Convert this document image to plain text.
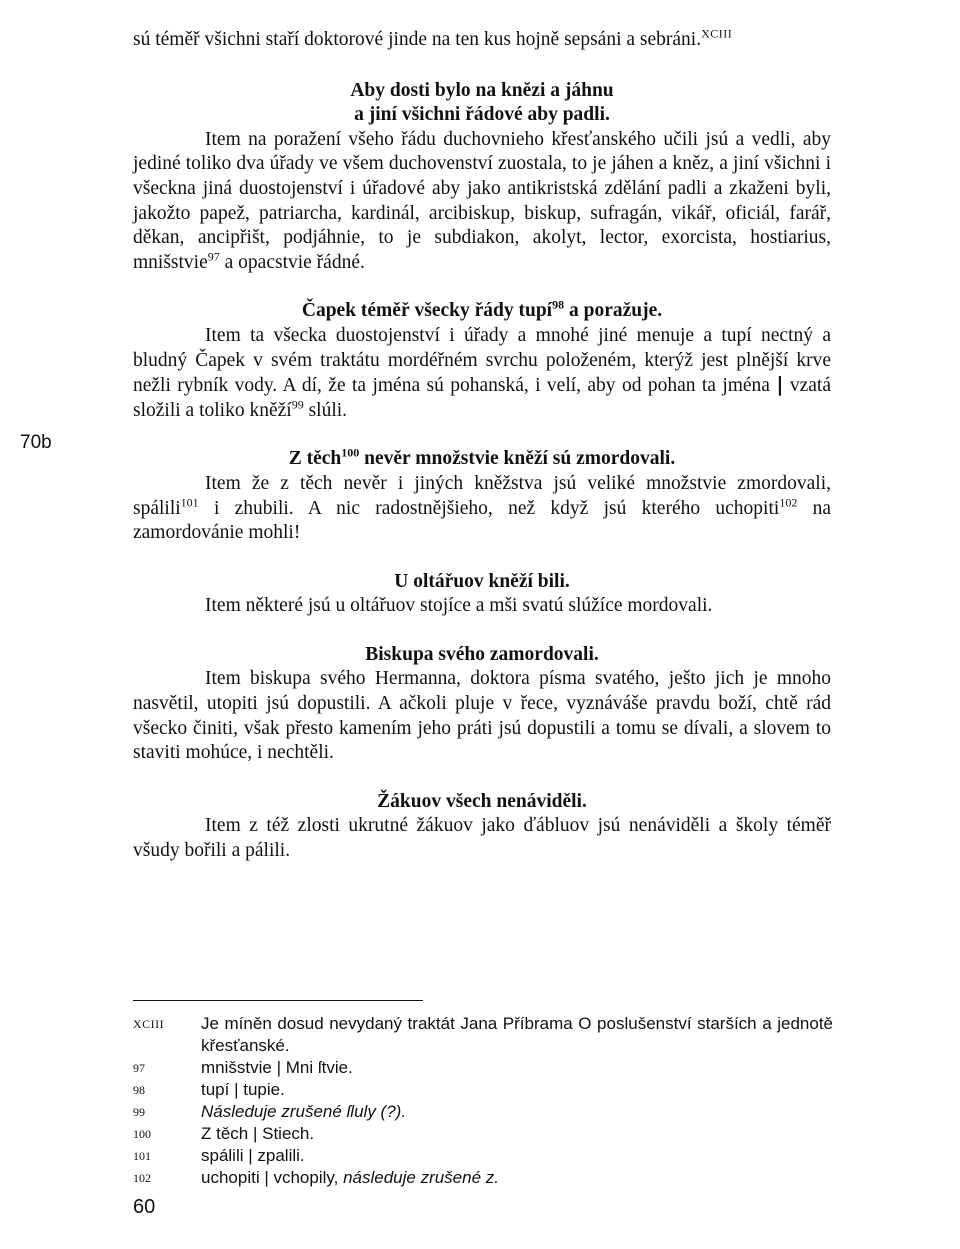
sú téměř všichni staří doktorové jinde na ten kus hojně sepsáni a sebráni.$^{XCIII}$

Aby dosti bylo na knězi a jáhnu
a jiní všichni řádové aby padli.

Item na poražení všeho řádu duchovnieho křesťanského učili jsú a vedli, aby jediné toliko dva úřady ve všem duchovenství zuostala, to je jáhen a kněz, a jiní všichni i všeckna jiná duostojenství i úřadové aby jako antikristská zdělání padli a zkaženi byli, jakožto papež, patriarcha, kardinál, arcibiskup, biskup, sufragán, vikář, oficiál, farář, děkan, ancipřišt, podjáhnie, to je subdiakon, akolyt, lector, exorcista, hostiarius, mnišstvie$^{97}$ a opacstvie řádné.

Čapek téměř všecky řády tupí$^{98}$ a poražuje.

Item ta všecka duostojenství i úřady a mnohé jiné menuje a tupí nectný a bludný Čapek v svém traktátu mordéřném svrchu položeném, kterýž jest plnější krve nežli rybník vody. A dí, že ta jména sú pohanská, i velí, aby od pohan ta jména | vzatá složili a toliko kněží$^{99}$ slúli.

Z těch$^{100}$ nevěr množstvie kněží sú zmordovali.

Item že z těch nevěr i jiných kněžstva jsú veliké množstvie zmordovali, spálili$^{101}$ i zhubili. A nic radostnějšieho, než když jsú kterého uchopiti$^{102}$ na zamordovánie mohli!

U oltářuov kněží bili.

Item některé jsú u oltářuov stojíce a mši svatú slúžíce mordovali.

Biskupa svého zamordovali.

Item biskupa svého Hermanna, doktora písma svatého, ješto jich je mnoho nasvětil, utopiti jsú dopustili. A ačkoli pluje v řece, vyznáváše pravdu boží, chtě rád všecko činiti, však přesto kamením jeho práti jsú dopustili a tomu se dívali, a slovem to staviti mohúce, i nechtěli.

Žákuov všech nenáviděli.

Item z též zlosti ukrutné žákuov jako ďábluov jsú nenáviděli a školy téměř všudy bořili a pálili.

70b
XCIII Je míněn dosud nevydaný traktát Jana Příbrama O poslušenství starších a jednotě křesťanské.
97	mnišstvie | Mni ſtvie.
98	tupí | tupie.
99	Následuje zrušené ſluly (?).
100	Z těch | Stiech.
101	spálili | zpalili.
102	uchopiti | vchopily, následuje zrušené z.
60
